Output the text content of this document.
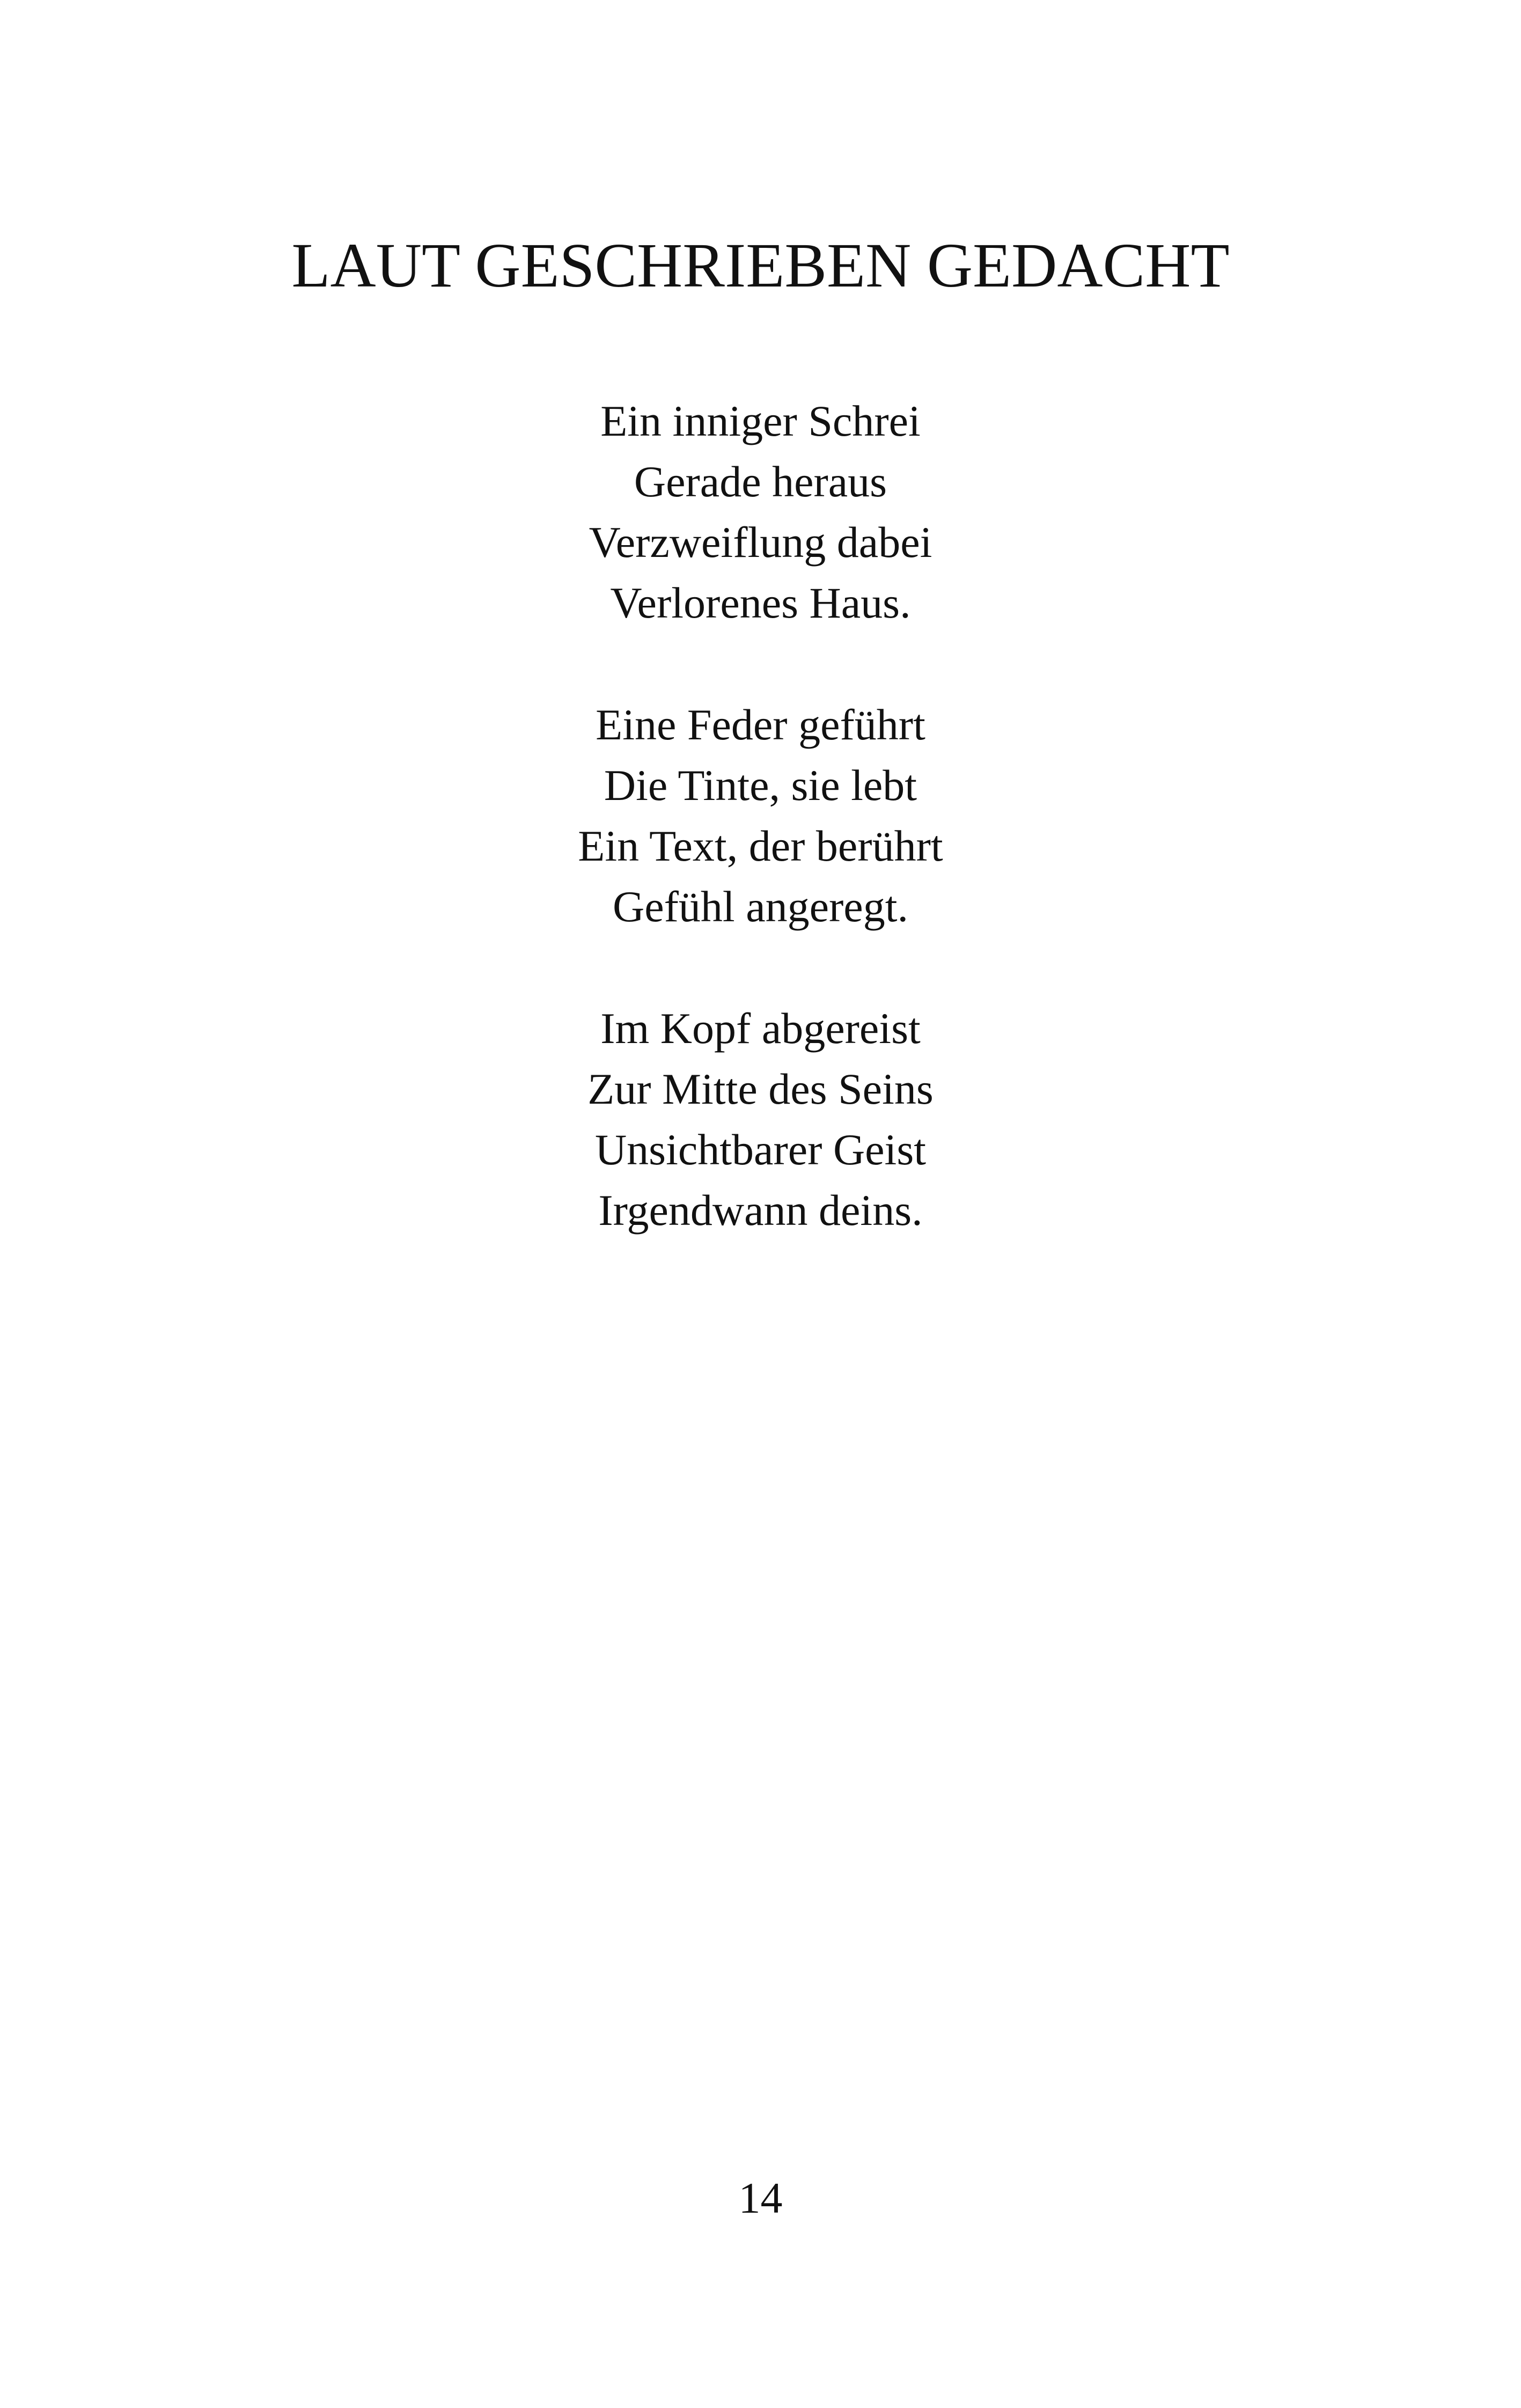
LAUT GESCHRIEBEN GEDACHT
Ein inniger Schrei
Gerade heraus
Verzweiflung dabei
Verlorenes Haus.
Eine Feder geführt
Die Tinte, sie lebt
Ein Text, der berührt
Gefühl angeregt.
Im Kopf abgereist
Zur Mitte des Seins
Unsichtbarer Geist
Irgendwann deins.
14
